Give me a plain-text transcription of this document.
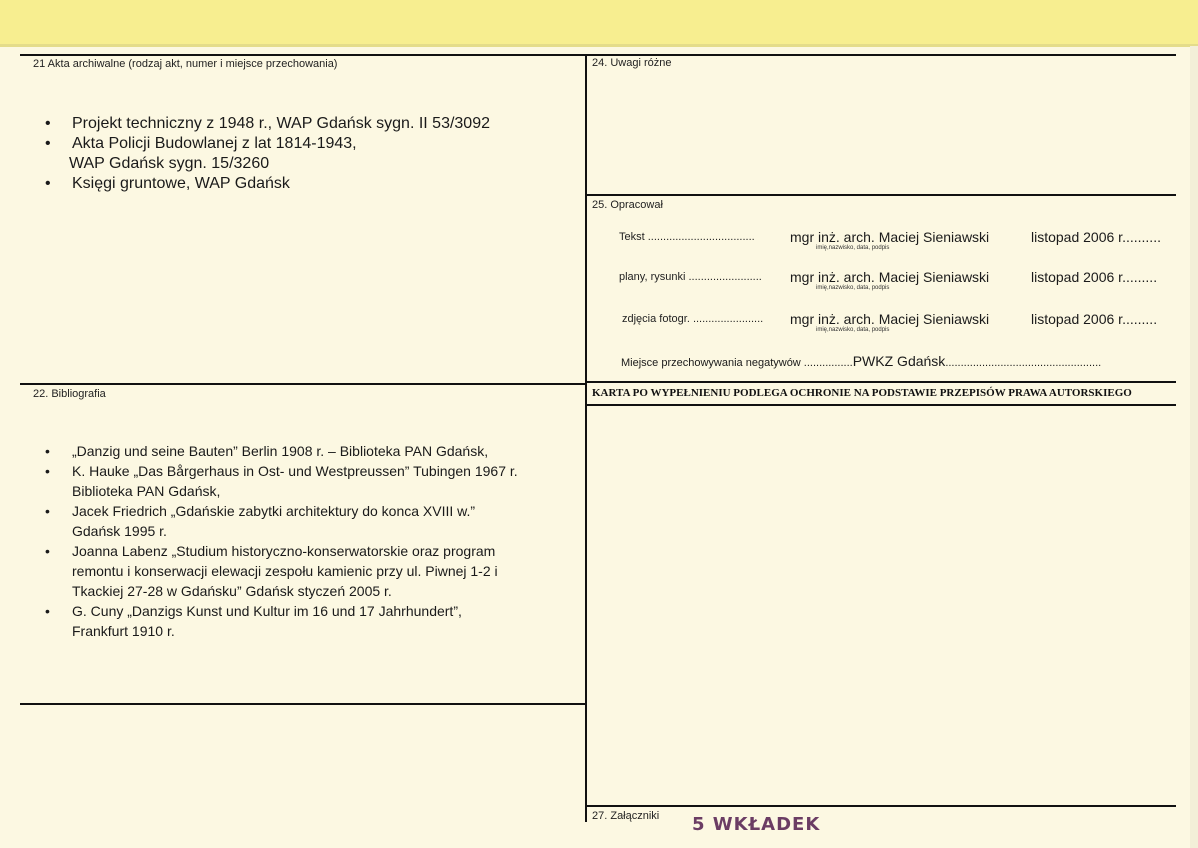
21 Akta archiwalne (rodzaj akt, numer i miejsce przechowania)
• Projekt techniczny z 1948 r., WAP Gdańsk sygn. II 53/3092
• Akta Policji Budowlanej z lat 1814-1943,
WAP Gdańsk sygn. 15/3260
• Księgi gruntowe, WAP Gdańsk
24. Uwagi różne
25. Opracował
Tekst ...................................	mgr inż. arch. Maciej Sieniawski	listopad 2006 r..........
imię,nazwisko, data, podpis
plany, rysunki ........................ mgr inż. arch. Maciej Sieniawski	listopad 2006 r.........
imię,nazwisko, data, podpis
zdjęcia fotogr. ....................... mgr inż. arch. Maciej Sieniawski	listopad 2006 r.........
imię,nazwisko, data, podpis
Miejsce przechowywania negatywów ................PWKZ Gdańsk...................................................
KARTA PO WYPEŁNIENIU PODLEGA OCHRONIE NA PODSTAWIE PRZEPISÓW PRAWA AUTORSKIEGO
22. Bibliografia
• „Danzig und seine Bauten” Berlin 1908 r. – Biblioteka PAN Gdańsk,
• K. Hauke „Das Bårgerhaus in Ost- und Westpreussen” Tubingen 1967 r.
Biblioteka PAN Gdańsk,
• Jacek Friedrich „Gdańskie zabytki architektury do konca XVIII w.”
Gdańsk 1995 r.
• Joanna Labenz „Studium historyczno-konserwatorskie oraz program
remontu i konserwacji elewacji zespołu kamienic przy ul. Piwnej 1-2 i
Tkackiej 27-28 w Gdańsku” Gdańsk styczeń 2005 r.
• G. Cuny „Danzigs Kunst und Kultur im 16 und 17 Jahrhundert”,
Frankfurt 1910 r.
27. Załączniki 5 WKŁADEK
